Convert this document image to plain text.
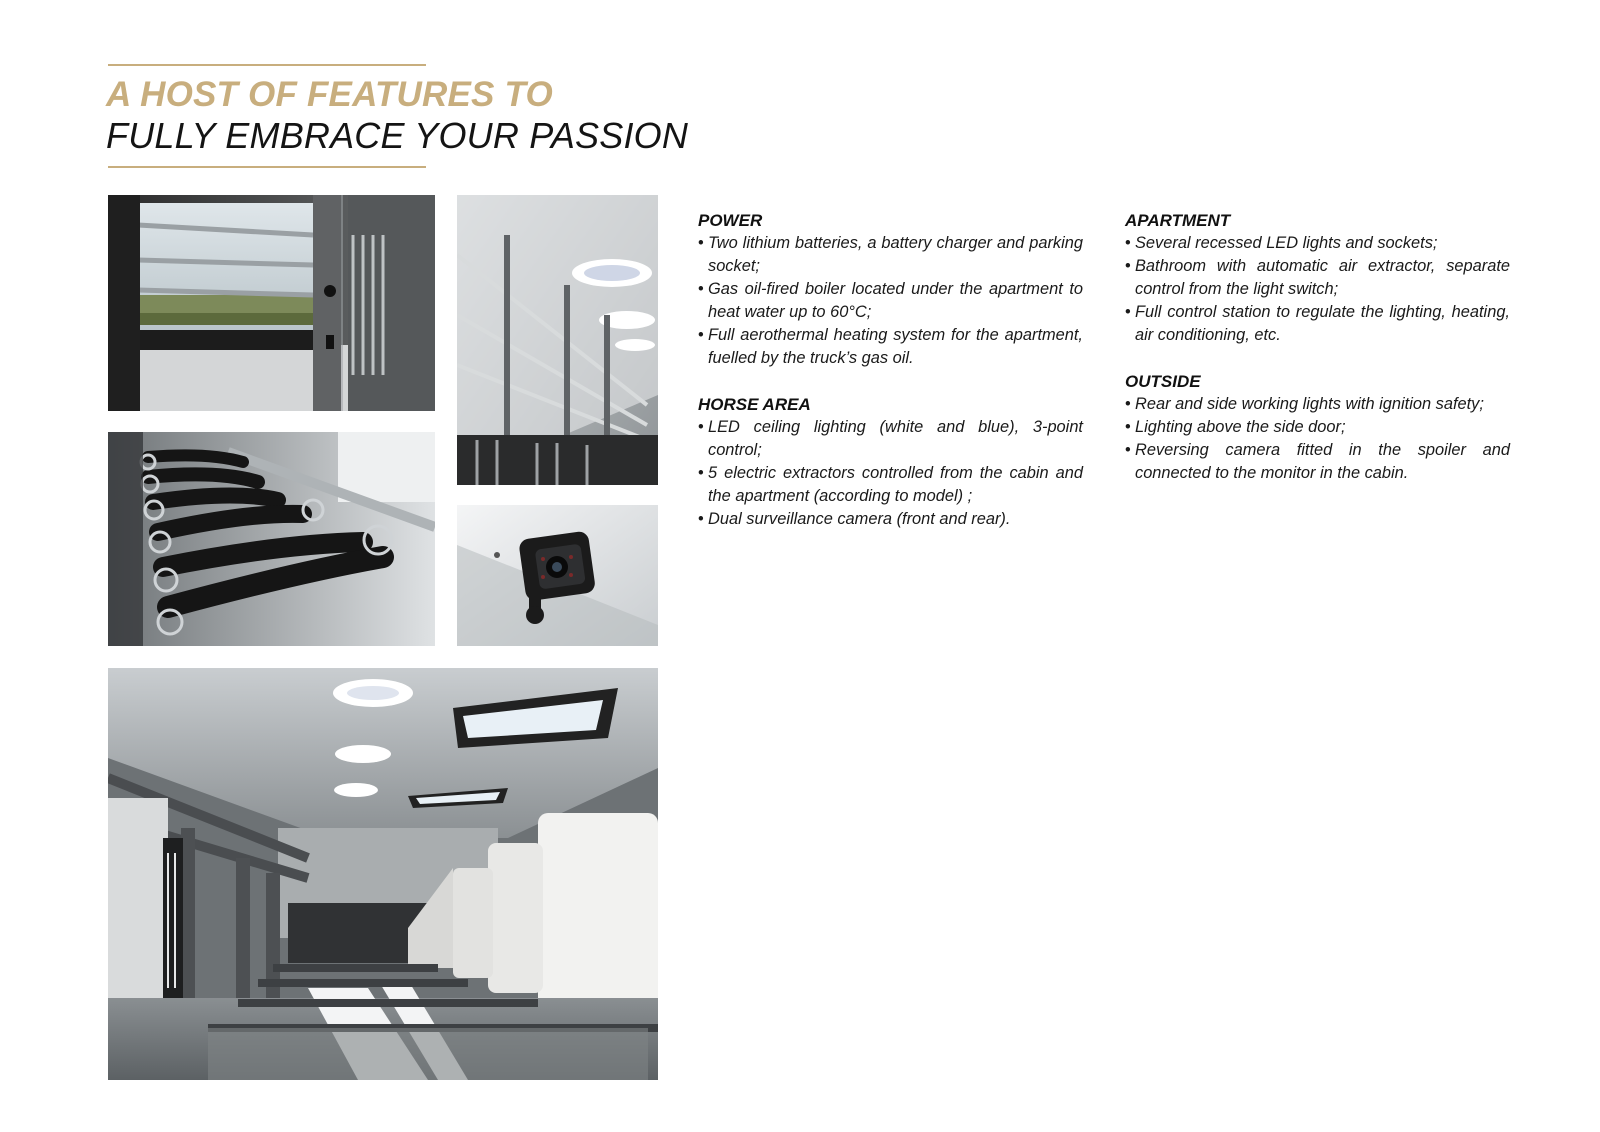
A HOST OF FEATURES TO
FULLY EMBRACE YOUR PASSION
POWER
• Two lithium batteries, a battery charger and parking socket;
• Gas oil-fired boiler located under the apartment to heat water up to 60°C;
• Full aerothermal heating system for the apartment, fuelled by the truck’s gas oil.
HORSE AREA
• LED ceiling lighting (white and blue), 3-point control;
• 5 electric extractors controlled from the cabin and the apartment (according to model) ;
• Dual surveillance camera (front and rear).
APARTMENT
• Several recessed LED lights and sockets;
• Bathroom with automatic air extractor, separate control from the light switch;
• Full control station to regulate the lighting, heating, air conditioning, etc.
OUTSIDE
• Rear and side working lights with ignition safety;
• Lighting above the side door;
• Reversing camera fitted in the spoiler and connected to the monitor in the cabin.
